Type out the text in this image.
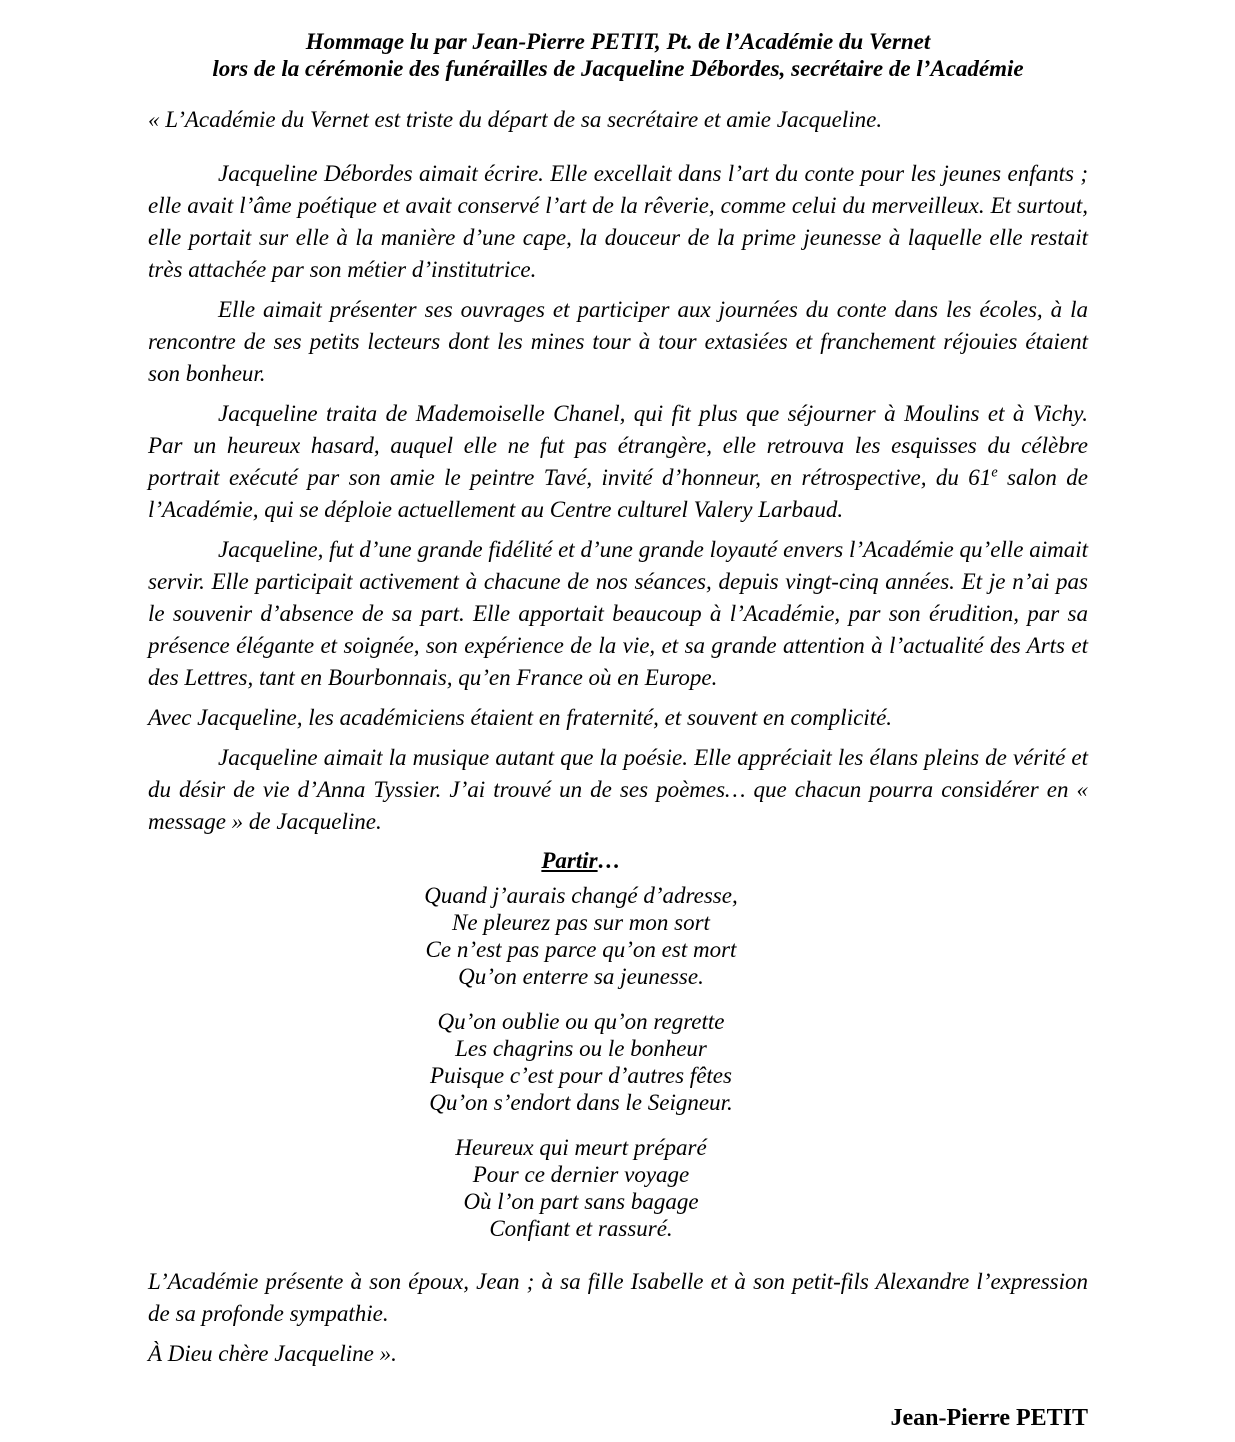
Hommage lu par Jean-Pierre PETIT, Pt. de l’Académie du Vernet
lors de la cérémonie des funérailles de Jacqueline Débordes, secrétaire de l’Académie

« L’Académie du Vernet est triste du départ de sa secrétaire et amie Jacqueline.

Jacqueline Débordes aimait écrire. Elle excellait dans l’art du conte pour les jeunes enfants ; elle avait l’âme poétique et avait conservé l’art de la rêverie, comme celui du merveilleux. Et surtout, elle portait sur elle à la manière d’une cape, la douceur de la prime jeunesse à laquelle elle restait très attachée par son métier d’institutrice.

Elle aimait présenter ses ouvrages et participer aux journées du conte dans les écoles, à la rencontre de ses petits lecteurs dont les mines tour à tour extasiées et franchement réjouies étaient son bonheur.

Jacqueline traita de Mademoiselle Chanel, qui fit plus que séjourner à Moulins et à Vichy. Par un heureux hasard, auquel elle ne fut pas étrangère, elle retrouva les esquisses du célèbre portrait exécuté par son amie le peintre Tavé, invité d’honneur, en rétrospective, du 61e salon de l’Académie, qui se déploie actuellement au Centre culturel Valery Larbaud.

Jacqueline, fut d’une grande fidélité et d’une grande loyauté envers l’Académie qu’elle aimait servir. Elle participait activement à chacune de nos séances, depuis vingt-cinq années. Et je n’ai pas le souvenir d’absence de sa part. Elle apportait beaucoup à l’Académie, par son érudition, par sa présence élégante et soignée, son expérience de la vie, et sa grande attention à l’actualité des Arts et des Lettres, tant en Bourbonnais, qu’en France où en Europe.

Avec Jacqueline, les académiciens étaient en fraternité, et souvent en complicité.

Jacqueline aimait la musique autant que la poésie. Elle appréciait les élans pleins de vérité et du désir de vie d’Anna Tyssier. J’ai trouvé un de ses poèmes… que chacun pourra considérer en « message » de Jacqueline.

Partir…
Quand j’aurais changé d’adresse,
Ne pleurez pas sur mon sort
Ce n’est pas parce qu’on est mort
Qu’on enterre sa jeunesse.
Qu’on oublie ou qu’on regrette
Les chagrins ou le bonheur
Puisque c’est pour d’autres fêtes
Qu’on s’endort dans le Seigneur.
Heureux qui meurt préparé
Pour ce dernier voyage
Où l’on part sans bagage
Confiant et rassuré.

L’Académie présente à son époux, Jean ; à sa fille Isabelle et à son petit-fils Alexandre l’expression de sa profonde sympathie.

À Dieu chère Jacqueline ».

Jean-Pierre PETIT
